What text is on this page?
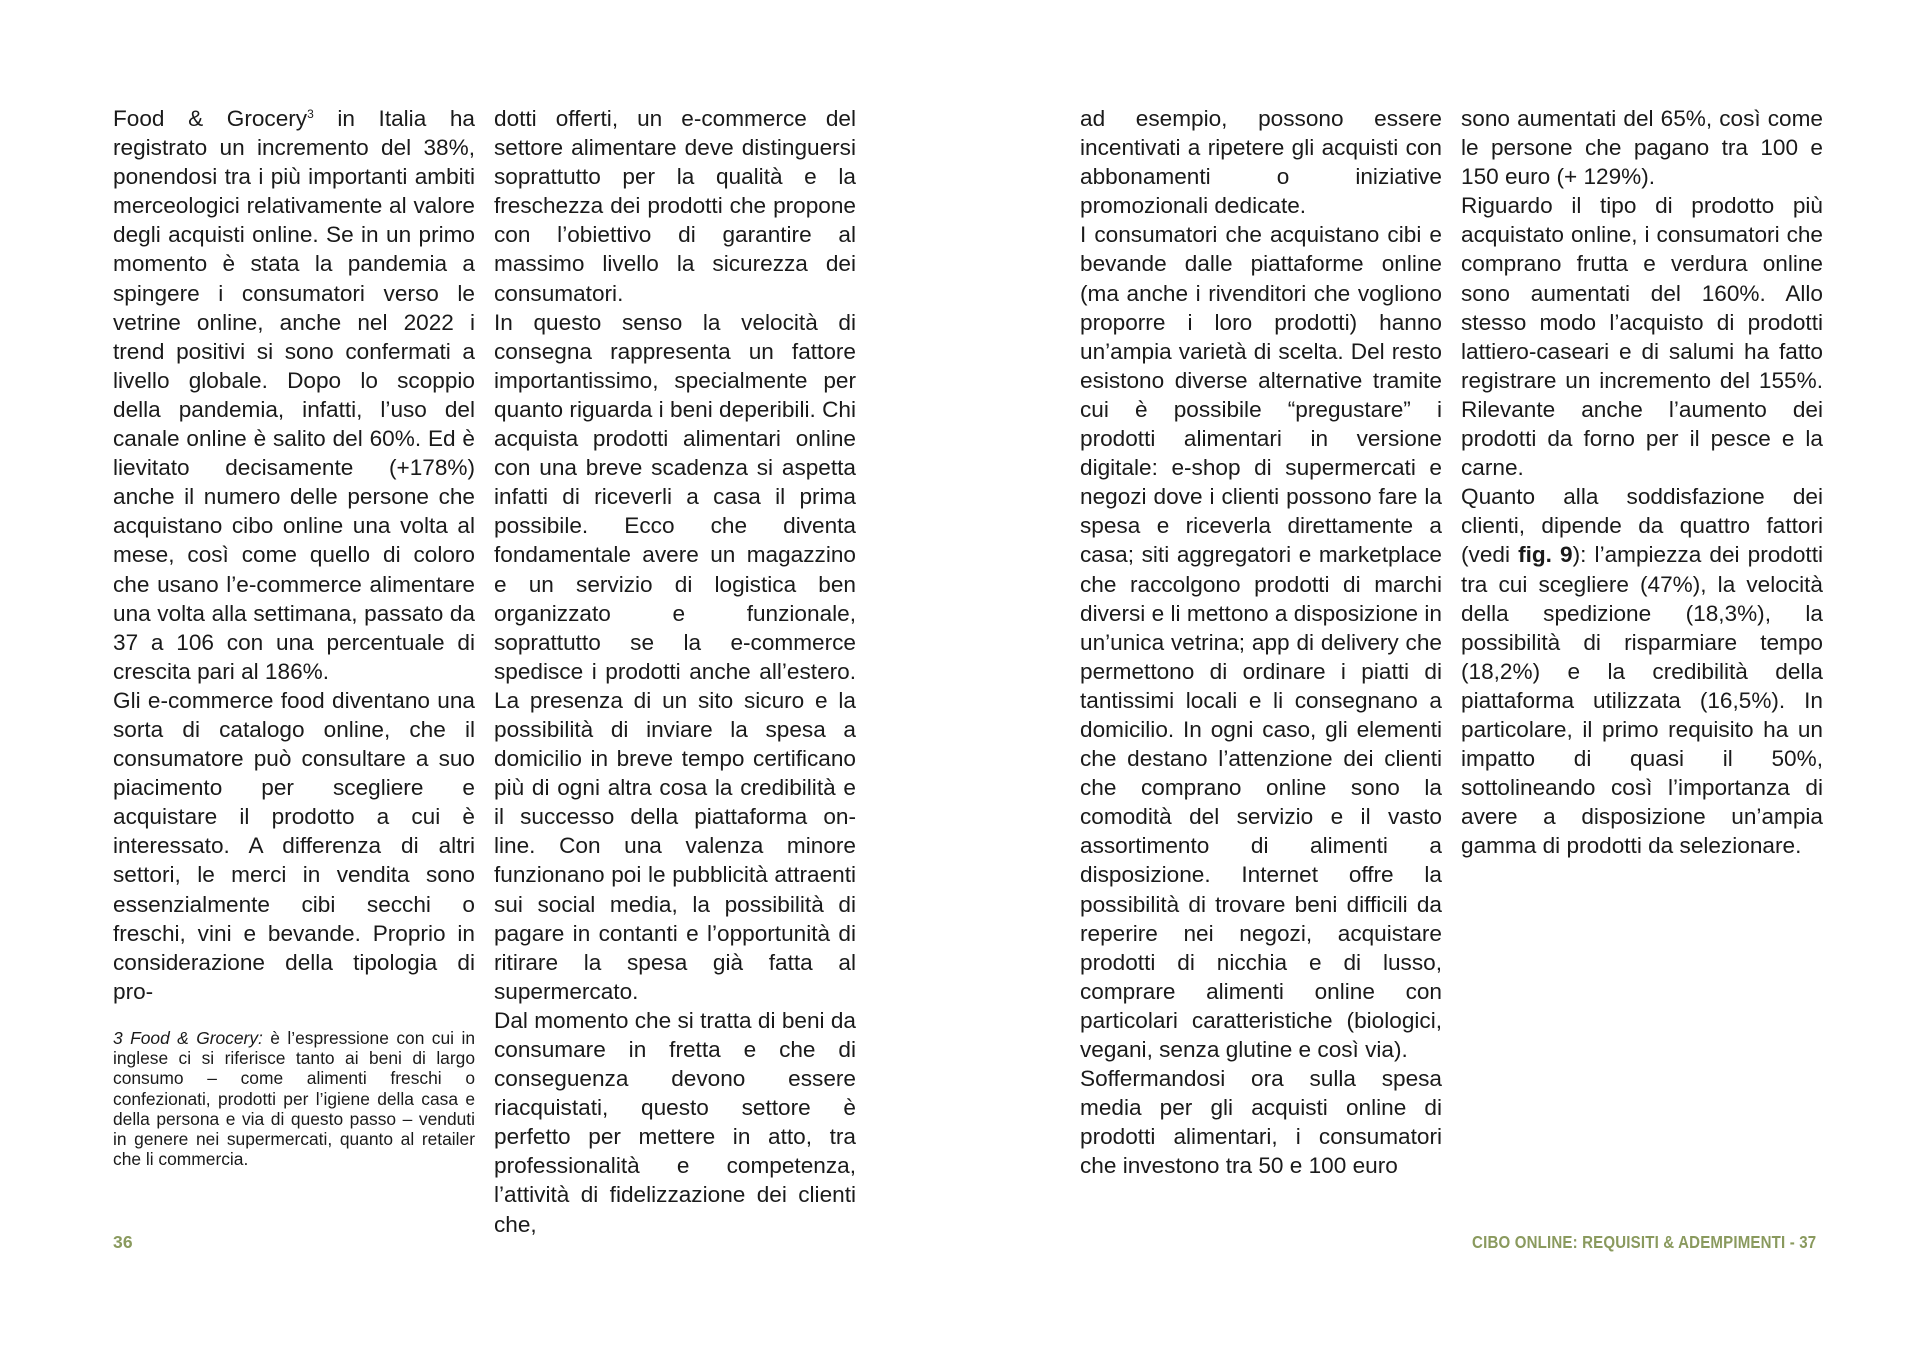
Food & Grocery$^3$ in Italia ha registrato un incremento del 38%, ponendosi tra i più importanti ambiti merceologici relativamente al valore degli acquisti online. Se in un primo momento è stata la pandemia a spingere i consumatori verso le vetrine online, anche nel 2022 i trend positivi si sono confermati a livello globale. Dopo lo scoppio della pandemia, infatti, l’uso del canale online è salito del 60%. Ed è lievitato decisamente (+178%) anche il numero delle persone che acquistano cibo online una volta al mese, così come quello di coloro che usano l’e-commerce alimentare una volta alla settimana, passato da 37 a 106 con una percentuale di crescita pari al 186%.

Gli e-commerce food diventano una sorta di catalogo online, che il consumatore può consultare a suo piacimento per scegliere e acquistare il prodotto a cui è interessato. A differenza di altri settori, le merci in vendita sono essenzialmente cibi secchi o freschi, vini e bevande. Proprio in considerazione della tipologia di pro-

3 Food & Grocery: è l’espressione con cui in inglese ci si riferisce tanto ai beni di largo consumo – come alimenti freschi o confezionati, prodotti per l’igiene della casa e della persona e via di questo passo – venduti in genere nei supermercati, quanto al retailer che li commercia.

dotti offerti, un e-commerce del settore alimentare deve distinguersi soprattutto per la qualità e la freschezza dei prodotti che propone con l’obiettivo di garantire al massimo livello la sicurezza dei consumatori.

In questo senso la velocità di consegna rappresenta un fattore importantissimo, specialmente per quanto riguarda i beni deperibili. Chi acquista prodotti alimentari online con una breve scadenza si aspetta infatti di riceverli a casa il prima possibile. Ecco che diventa fondamentale avere un magazzino e un servizio di logistica ben organizzato e funzionale, soprattutto se la e-commerce spedisce i prodotti anche all’estero. La presenza di un sito sicuro e la possibilità di inviare la spesa a domicilio in breve tempo certificano più di ogni altra cosa la credibilità e il successo della piattaforma on-line. Con una valenza minore funzionano poi le pubblicità attraenti sui social media, la possibilità di pagare in contanti e l’opportunità di ritirare la spesa già fatta al supermercato.

Dal momento che si tratta di beni da consumare in fretta e che di conseguenza devono essere riacquistati, questo settore è perfetto per mettere in atto, tra professionalità e competenza, l’attività di fidelizzazione dei clienti che,

36

ad esempio, possono essere incentivati a ripetere gli acquisti con abbonamenti o iniziative promozionali dedicate.

I consumatori che acquistano cibi e bevande dalle piattaforme online (ma anche i rivenditori che vogliono proporre i loro prodotti) hanno un’ampia varietà di scelta. Del resto esistono diverse alternative tramite cui è possibile “pregustare” i prodotti alimentari in versione digitale: e-shop di supermercati e negozi dove i clienti possono fare la spesa e riceverla direttamente a casa; siti aggregatori e marketplace che raccolgono prodotti di marchi diversi e li mettono a disposizione in un’unica vetrina; app di delivery che permettono di ordinare i piatti di tantissimi locali e li consegnano a domicilio. In ogni caso, gli elementi che destano l’attenzione dei clienti che comprano online sono la comodità del servizio e il vasto assortimento di alimenti a disposizione. Internet offre la possibilità di trovare beni difficili da reperire nei negozi, acquistare prodotti di nicchia e di lusso, comprare alimenti online con particolari caratteristiche (biologici, vegani, senza glutine e così via).

Soffermandosi ora sulla spesa media per gli acquisti online di prodotti alimentari, i consumatori che investono tra 50 e 100 euro

sono aumentati del 65%, così come le persone che pagano tra 100 e 150 euro (+ 129%).

Riguardo il tipo di prodotto più acquistato online, i consumatori che comprano frutta e verdura online sono aumentati del 160%. Allo stesso modo l’acquisto di prodotti lattiero-caseari e di salumi ha fatto registrare un incremento del 155%. Rilevante anche l’aumento dei prodotti da forno per il pesce e la carne.

Quanto alla soddisfazione dei clienti, dipende da quattro fattori (vedi fig. 9): l’ampiezza dei prodotti tra cui scegliere (47%), la velocità della spedizione (18,3%), la possibilità di risparmiare tempo (18,2%) e la credibilità della piattaforma utilizzata (16,5%). In particolare, il primo requisito ha un impatto di quasi il 50%, sottolineando così l’importanza di avere a disposizione un’ampia gamma di prodotti da selezionare.

CIBO ONLINE: REQUISITI & ADEMPIMENTI - 37
